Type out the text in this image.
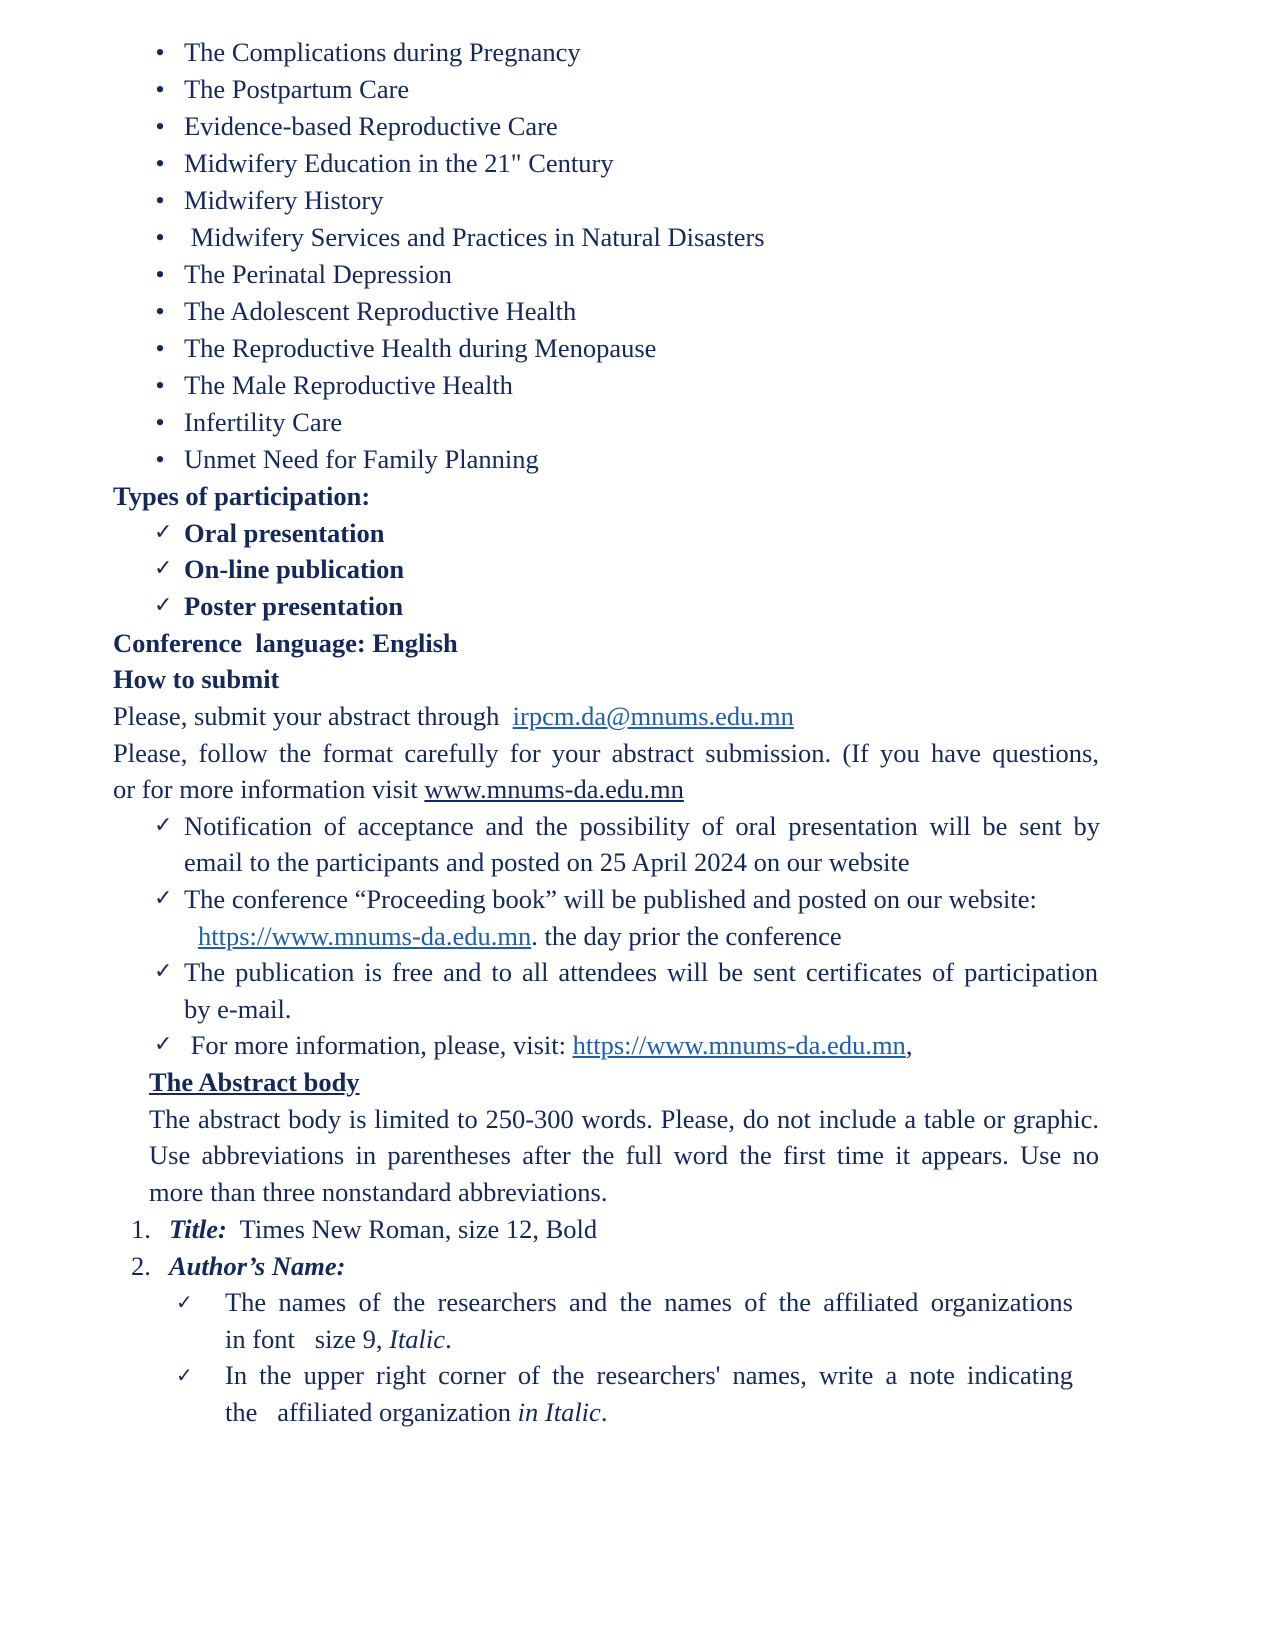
• The Complications during Pregnancy
• The Postpartum Care
• Evidence-based Reproductive Care
• Midwifery Education in the 21" Century
• Midwifery History
• Midwifery Services and Practices in Natural Disasters
• The Perinatal Depression
• The Adolescent Reproductive Health
• The Reproductive Health during Menopause
• The Male Reproductive Health
• Infertility Care
• Unmet Need for Family Planning
Types of participation:
✓ Oral presentation
✓ On-line publication
✓ Poster presentation
Conference  language: English
How to submit
Please, submit your abstract through  irpcm.da@mnums.edu.mn
Please, follow the format carefully for your abstract submission. (If you have questions,
or for more information visit www.mnums-da.edu.mn
✓ Notification of acceptance and the possibility of oral presentation will be sent by
email to the participants and posted on 25 April 2024 on our website
✓ The conference “Proceeding book” will be published and posted on our website:
https://www.mnums-da.edu.mn. the day prior the conference
✓ The publication is free and to all attendees will be sent certificates of participation
by e-mail.
✓ For more information, please, visit: https://www.mnums-da.edu.mn,
The Abstract body
The abstract body is limited to 250-300 words. Please, do not include a table or graphic.
Use abbreviations in parentheses after the full word the first time it appears. Use no
more than three nonstandard abbreviations.
1. Title:  Times New Roman, size 12, Bold
2. Author’s Name:
✓ The names of the researchers and the names of the affiliated organizations
in font   size 9, Italic.
✓ In the upper right corner of the researchers' names, write a note indicating
the   affiliated organization in Italic.
